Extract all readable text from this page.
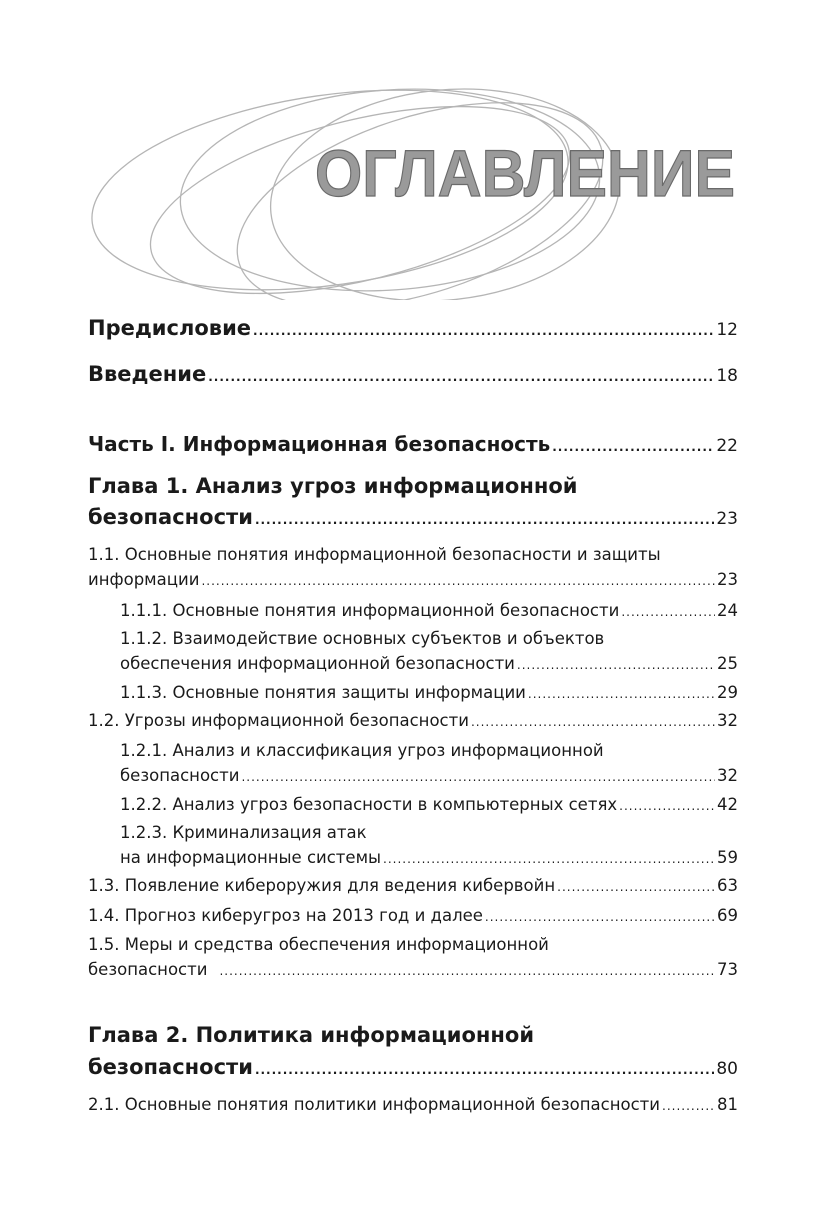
ОГЛАВЛЕНИЕ
Предисловие .....	12
Введение .....	18
Часть I. Информационная безопасность .....	22
Глава 1. Анализ угроз информационной
безопасности .....	23
1.1. Основные понятия информационной безопасности и защиты
информации .....	23
1.1.1. Основные понятия информационной безопасности .....	24
1.1.2. Взаимодействие основных субъектов и объектов
обеспечения информационной безопасности .....	25
1.1.3. Основные понятия защиты информации .....	29
1.2. Угрозы информационной безопасности .....	32
1.2.1. Анализ и классификация угроз информационной
безопасности .....	32
1.2.2. Анализ угроз безопасности в компьютерных сетях .....	42
1.2.3. Криминализация атак
на информационные системы .....	59
1.3. Появление кибероружия для ведения кибервойн .....	63
1.4. Прогноз киберугроз на 2013 год и далее .....	69
1.5. Меры и средства обеспечения информационной
безопасности .....	73
Глава 2. Политика информационной
безопасности .....	80
2.1. Основные понятия политики информационной безопасности .....	81
